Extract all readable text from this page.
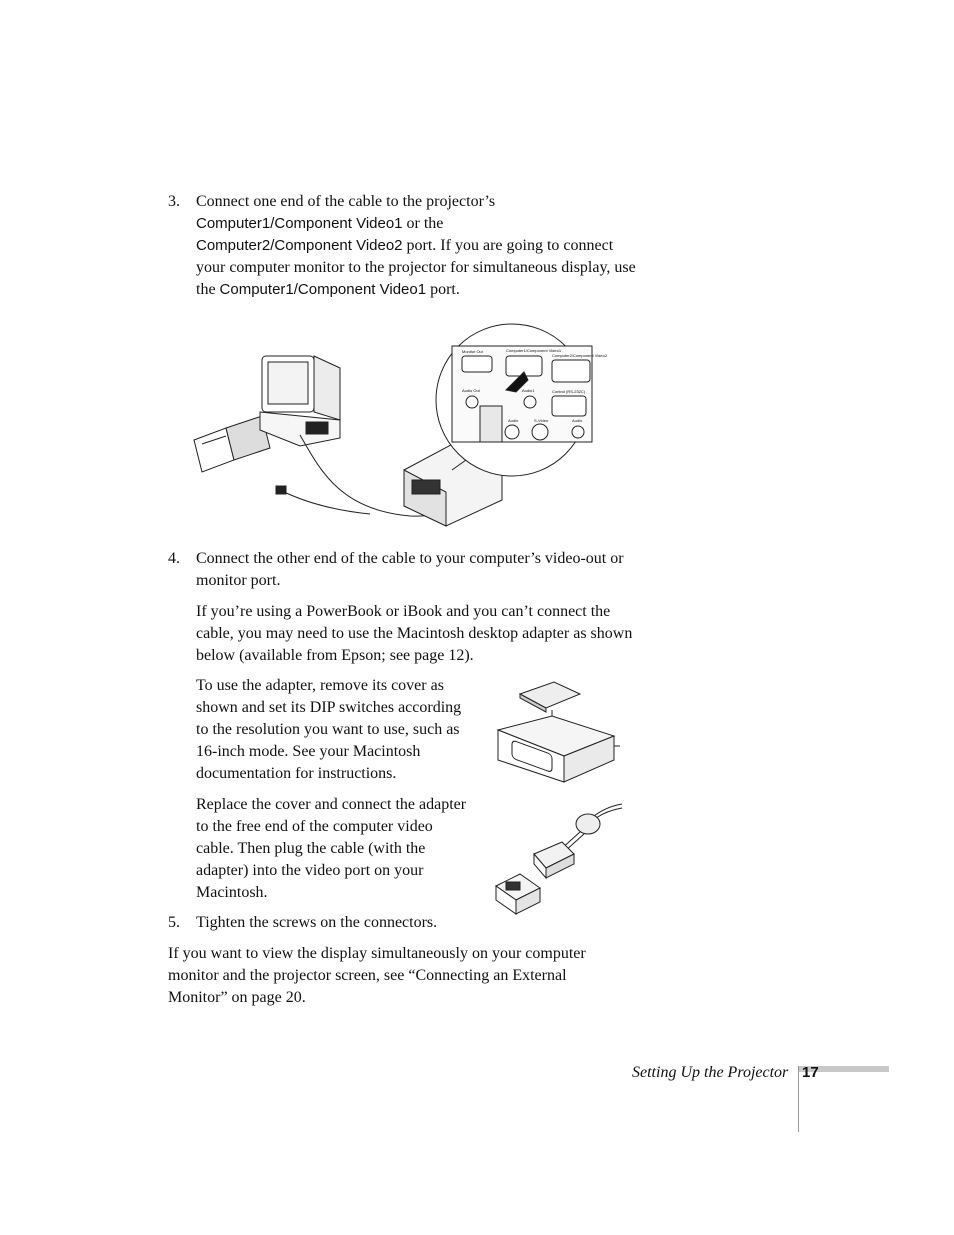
3. Connect one end of the cable to the projector’s
Computer1/Component Video1 or the
Computer2/Component Video2 port. If you are going to connect your computer monitor to the projector for simultaneous display, use the Computer1/Component Video1 port.

Monitor Out	Computer1/Component Video1
Computer2/Component Video2
Audio Out	Audio1	Control (RS-232C)
Audio	S-Video	Audio
4. Connect the other end of the cable to your computer’s video-out or monitor port.

If you’re using a PowerBook or iBook and you can’t connect the cable, you may need to use the Macintosh desktop adapter as shown below (available from Epson; see page 12).

To use the adapter, remove its cover as shown and set its DIP switches according to the resolution you want to use, such as 16-inch mode. See your Macintosh documentation for instructions.

Replace the cover and connect the adapter to the free end of the computer video cable. Then plug the cable (with the adapter) into the video port on your Macintosh.

5. Tighten the screws on the connectors.

If you want to view the display simultaneously on your computer monitor and the projector screen, see “Connecting an External Monitor” on page 20.

Setting Up the Projector 17
